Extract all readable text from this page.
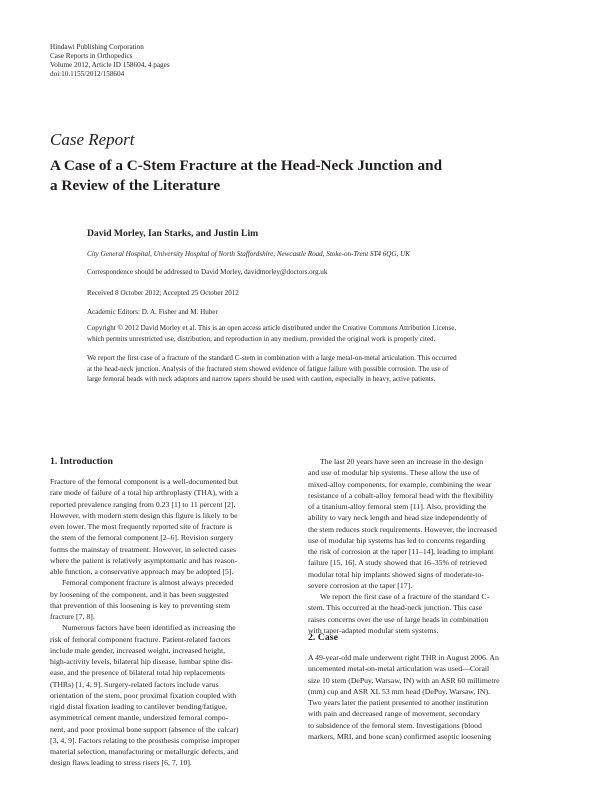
Hindawi Publishing Corporation
Case Reports in Orthopedics
Volume 2012, Article ID 158604, 4 pages
doi:10.1155/2012/158604
Case Report
A Case of a C-Stem Fracture at the Head-Neck Junction and
a Review of the Literature
David Morley, Ian Starks, and Justin Lim
City General Hospital, University Hospital of North Staffordshire, Newcastle Road, Stoke-on-Trent ST4 6QG, UK
Correspondence should be addressed to David Morley, davidmorley@doctors.org.uk
Received 8 October 2012; Accepted 25 October 2012
Academic Editors: D. A. Fisher and M. Huber
Copyright © 2012 David Morley et al. This is an open access article distributed under the Creative Commons Attribution License,
which permits unrestricted use, distribution, and reproduction in any medium, provided the original work is properly cited.
We report the first case of a fracture of the standard C-stem in combination with a large metal-on-metal articulation. This occurred
at the head-neck junction. Analysis of the fractured stem showed evidence of fatigue failure with possible corrosion. The use of
large femoral heads with neck adaptors and narrow tapers should be used with caution, especially in heavy, active patients.
1. Introduction
Fracture of the femoral component is a well-documented but
rare mode of failure of a total hip arthroplasty (THA), with a
reported prevalence ranging from 0.23 [1] to 11 percent [2].
However, with modern stem design this figure is likely to be
even lower. The most frequently reported site of fracture is
the stem of the femoral component [2–6]. Revision surgery
forms the mainstay of treatment. However, in selected cases
where the patient is relatively asymptomatic and has reason-
able function, a conservative approach may be adopted [5].
Femoral component fracture is almost always preceded
by loosening of the component, and it has been suggested
that prevention of this loosening is key to preventing stem
fracture [7, 8].
Numerous factors have been identified as increasing the
risk of femoral component fracture. Patient-related factors
include male gender, increased weight, increased height,
high-activity levels, bilateral hip disease, lumbar spine dis-
ease, and the presence of bilateral total hip replacements
(THRs) [1, 4, 9]. Surgery-related factors include varus
orientation of the stem, poor proximal fixation coupled with
rigid distal fixation leading to cantilever bending/fatigue,
asymmetrical cement mantle, undersized femoral compo-
nent, and poor proximal bone support (absence of the calcar)
[3, 4, 9]. Factors relating to the prosthesis comprise improper
material selection, manufacturing or metallurgic defects, and
design flaws leading to stress risers [6, 7, 10].
The last 20 years have seen an increase in the design
and use of modular hip systems. These allow the use of
mixed-alloy components, for example, combining the wear
resistance of a cobalt-alloy femoral head with the flexibility
of a titanium-alloy femoral stem [11]. Also, providing the
ability to vary neck length and head size independently of
the stem reduces stock requirements. However, the increased
use of modular hip systems has led to concerns regarding
the risk of corrosion at the taper [11–14], leading to implant
failure [15, 16]. A study showed that 16–35% of retrieved
modular total hip implants showed signs of moderate-to-
severe corrosion at the taper [17].
We report the first case of a fracture of the standard C-
stem. This occurred at the head-neck junction. This case
raises concerns over the use of large heads in combination
with taper-adapted modular stem systems.
2. Case
A 49-year-old male underwent right THR in August 2006. An
uncemented metal-on-metal articulation was used—Corail
size 10 stem (DePuy, Warsaw, IN) with an ASR 60 millimetre
(mm) cup and ASR XL 53 mm head (DePuy, Warsaw, IN).
Two years later the patient presented to another institution
with pain and decreased range of movement, secondary
to subsidence of the femoral stem. Investigations (blood
markers, MRI, and bone scan) confirmed aseptic loosening
